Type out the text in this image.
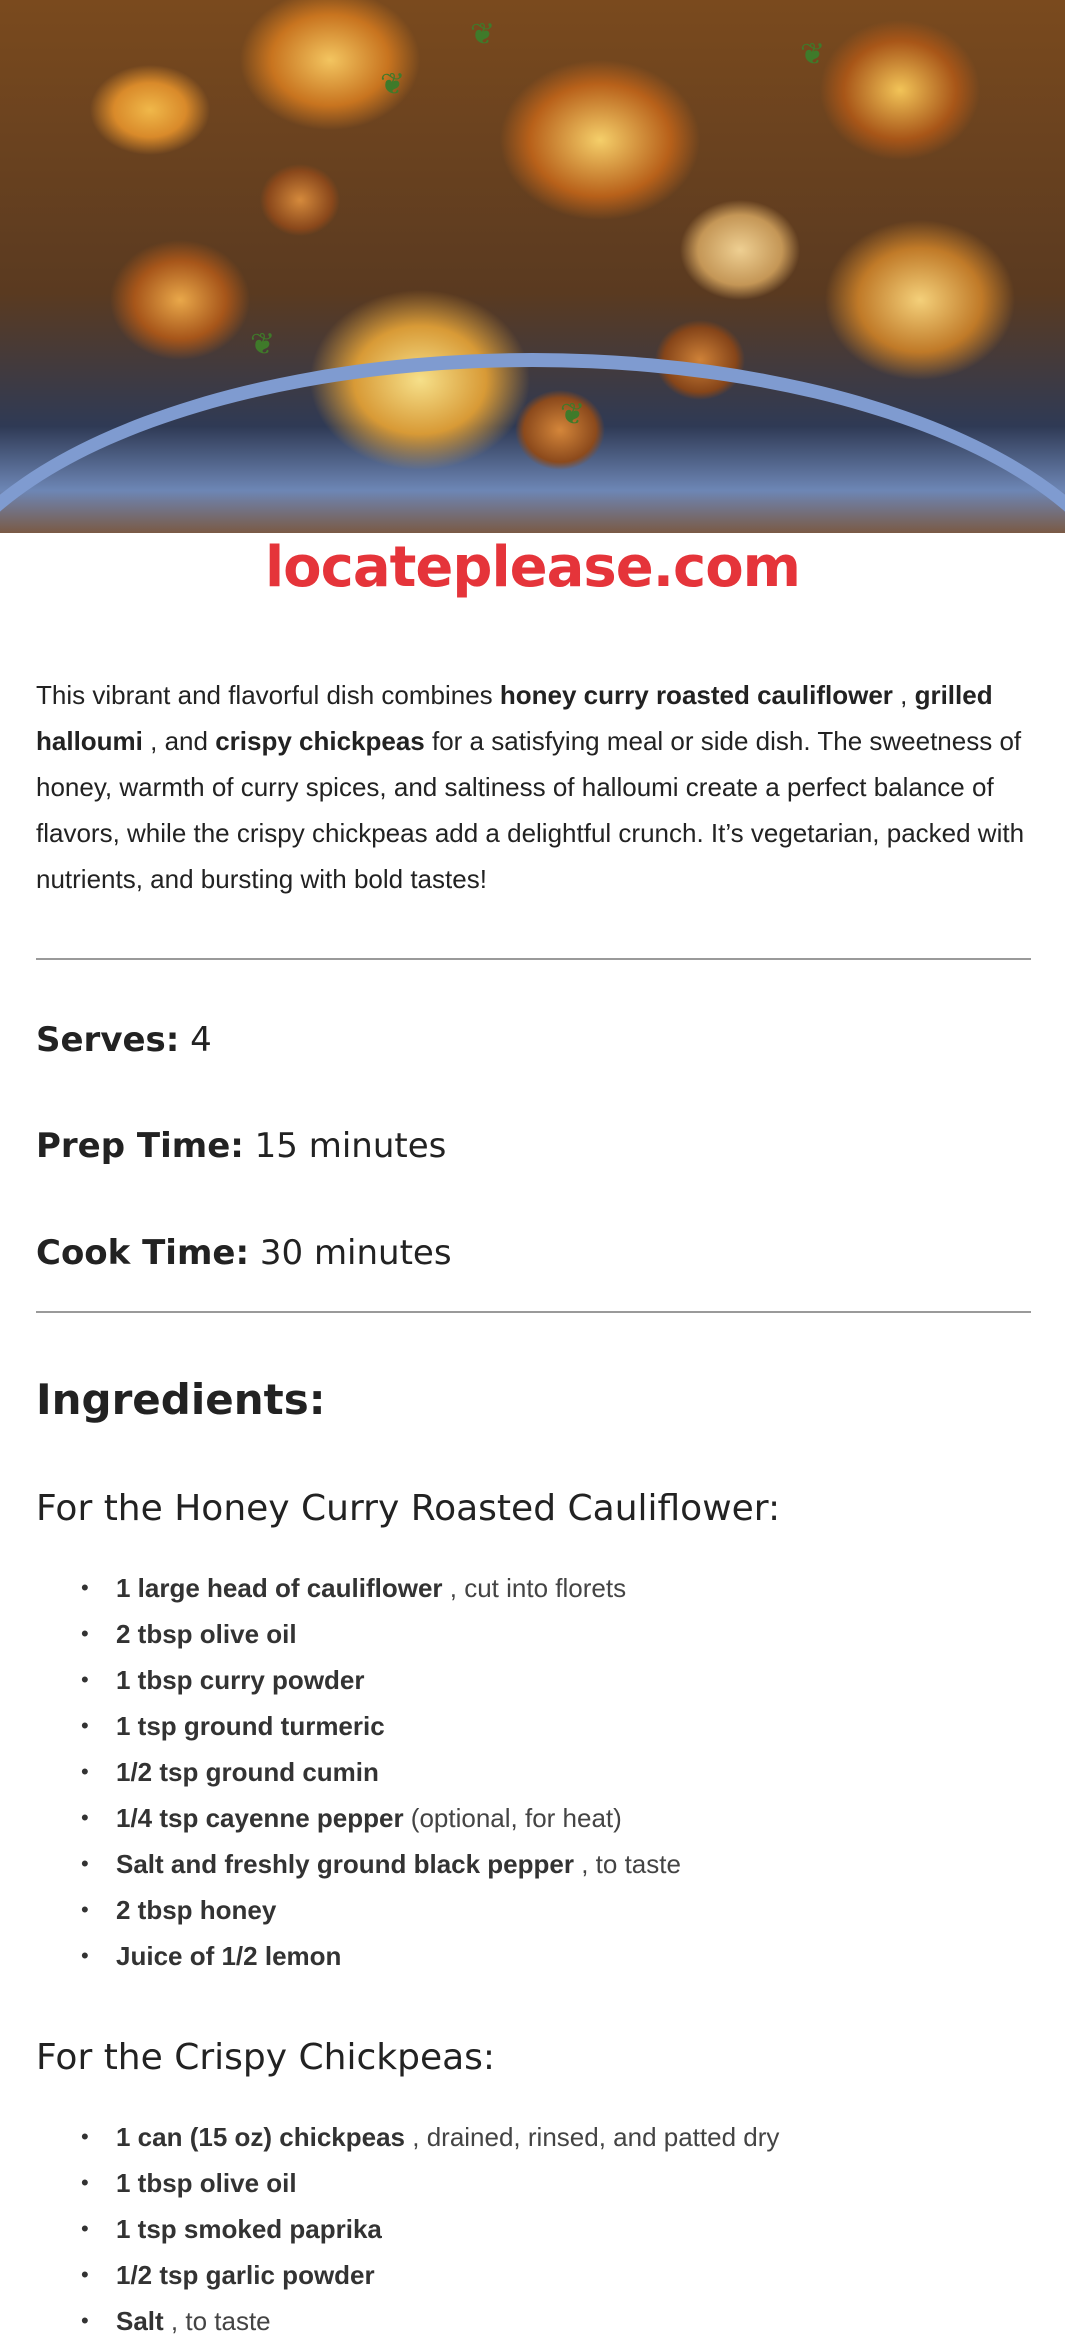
❦
❦
❦
❦
❦
locateplease.com

This vibrant and flavorful dish combines honey curry roasted cauliflower , grilled halloumi , and crispy chickpeas for a satisfying meal or side dish. The sweetness of honey, warmth of curry spices, and saltiness of halloumi create a perfect balance of flavors, while the crispy chickpeas add a delightful crunch. It’s vegetarian, packed with nutrients, and bursting with bold tastes!

Serves: 4
Prep Time: 15 minutes
Cook Time: 30 minutes
Ingredients:
For the Honey Curry Roasted Cauliflower:
• 1 large head of cauliflower , cut into florets
• 2 tbsp olive oil
• 1 tbsp curry powder
• 1 tsp ground turmeric
• 1/2 tsp ground cumin
• 1/4 tsp cayenne pepper (optional, for heat)
• Salt and freshly ground black pepper , to taste
• 2 tbsp honey
• Juice of 1/2 lemon
For the Crispy Chickpeas:
• 1 can (15 oz) chickpeas , drained, rinsed, and patted dry
• 1 tbsp olive oil
• 1 tsp smoked paprika
• 1/2 tsp garlic powder
• Salt , to taste
